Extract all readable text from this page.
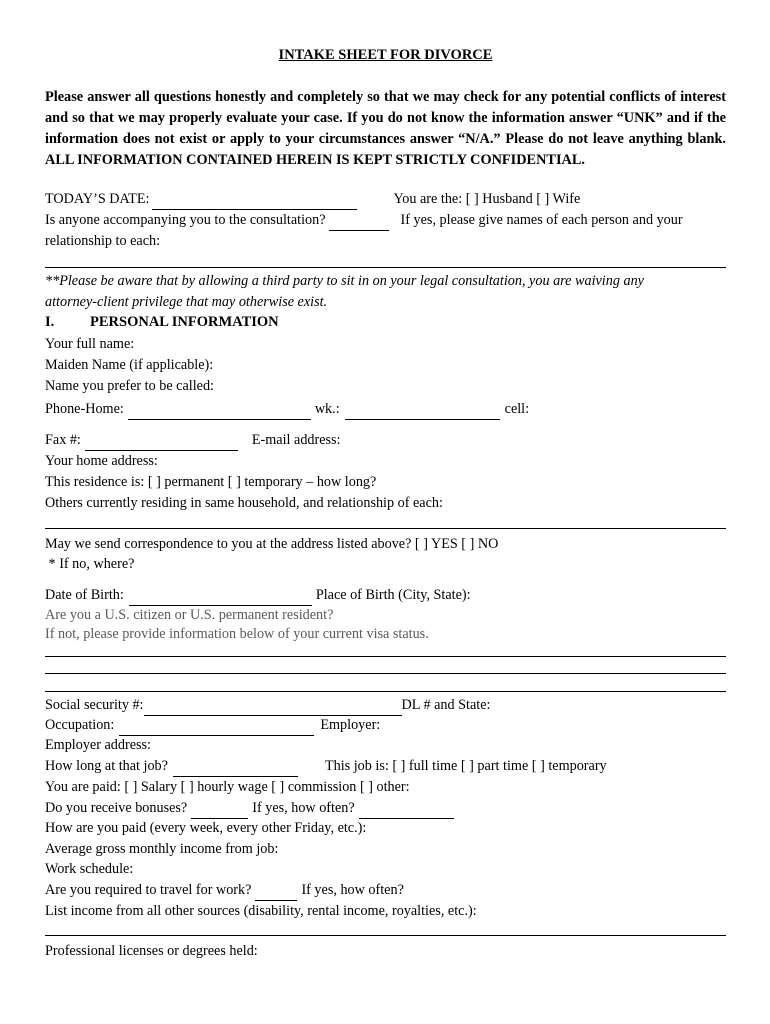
INTAKE SHEET FOR DIVORCE
Please answer all questions honestly and completely so that we may check for any potential conflicts of interest and so that we may properly evaluate your case. If you do not know the information answer “UNK” and if the information does not exist or apply to your circumstances answer “N/A.” Please do not leave anything blank. ALL INFORMATION CONTAINED HEREIN IS KEPT STRICTLY CONFIDENTIAL.
TODAY’S DATE:	You are the: [ ] Husband [ ] Wife
Is anyone accompanying you to the consultation?	If yes, please give names of each person and your
relationship to each:
**Please be aware that by allowing a third party to sit in on your legal consultation, you are waiving any
attorney-client privilege that may otherwise exist.
I.	PERSONAL INFORMATION
Your full name:
Maiden Name (if applicable):
Name you prefer to be called:
Phone-Home:	wk.:	cell:
Fax #:	E-mail address:
Your home address:
This residence is: [ ] permanent [ ] temporary – how long?
Others currently residing in same household, and relationship of each:
May we send correspondence to you at the address listed above? [ ] YES [ ] NO
* If no, where?
Date of Birth:	Place of Birth (City, State):
Are you a U.S. citizen or U.S. permanent resident?
If not, please provide information below of your current visa status.
Social security #:	DL # and State:
Occupation:	Employer:
Employer address:
How long at that job?	This job is: [ ] full time [ ] part time [ ] temporary
You are paid: [ ] Salary [ ] hourly wage [ ] commission [ ] other:
Do you receive bonuses?	If yes, how often?
How are you paid (every week, every other Friday, etc.):
Average gross monthly income from job:
Work schedule:
Are you required to travel for work?	If yes, how often?
List income from all other sources (disability, rental income, royalties, etc.):
Professional licenses or degrees held:
